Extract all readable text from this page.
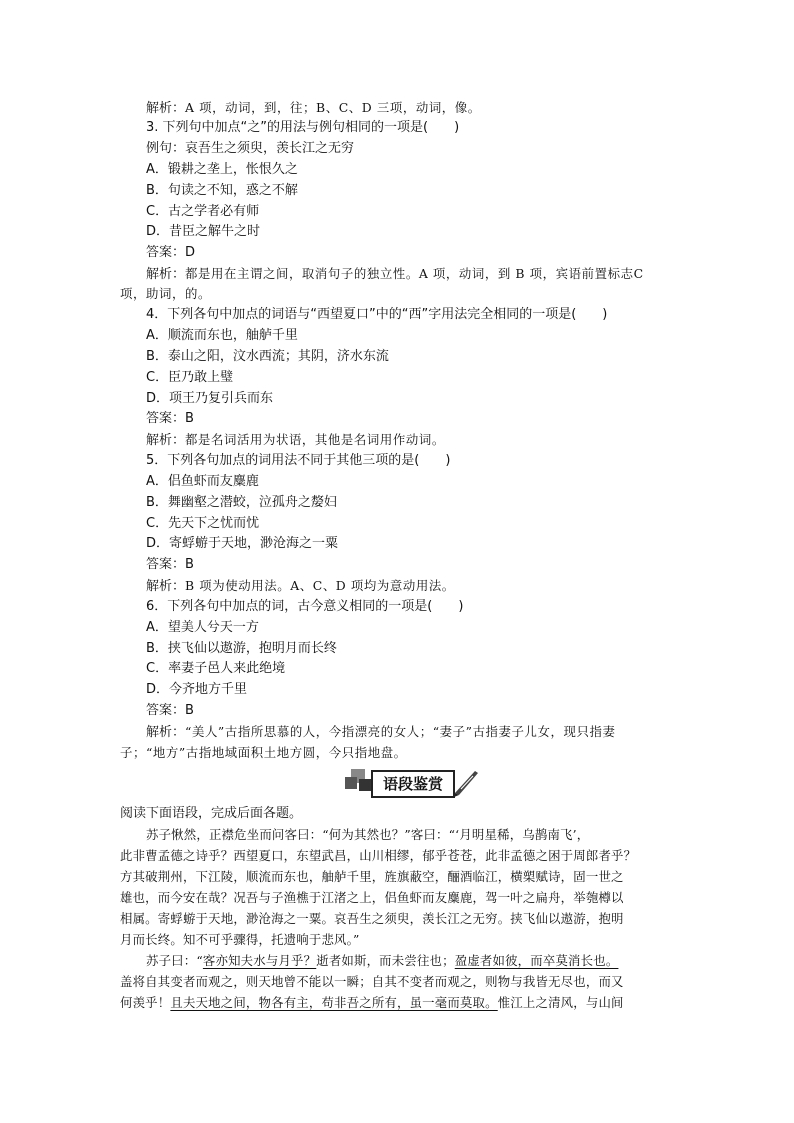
解析：A 项，动词，到，往；B、C、D 三项，动词，像。
3. 下列句中加点“之”的用法与例句相同的一项是(　　)
例句：哀吾生之须臾，羡长江之无穷
A．锻耕之垄上，怅恨久之
B．句读之不知，惑之不解
C．古之学者必有师
D．昔臣之解牛之时
答案：D
解析：都是用在主谓之间，取消句子的独立性。A 项，动词，到 B 项，宾语前置标志C
项，助词，的。
4．下列各句中加点的词语与“西望夏口”中的“西”字用法完全相同的一项是(　　)
A．顺流而东也，舳舻千里
B．泰山之阳，汶水西流；其阴，济水东流
C．臣乃敢上璧
D．项王乃复引兵而东
答案：B
解析：都是名词活用为状语，其他是名词用作动词。
5．下列各句加点的词用法不同于其他三项的是(　　)
A．侣鱼虾而友麋鹿
B．舞幽壑之潜蛟，泣孤舟之嫠妇
C．先天下之忧而忧
D．寄蜉蝣于天地，渺沧海之一粟
答案：B
解析：B 项为使动用法。A、C、D 项均为意动用法。
6．下列各句中加点的词，古今意义相同的一项是(　　)
A．望美人兮天一方
B．挟飞仙以遨游，抱明月而长终
C．率妻子邑人来此绝境
D．今齐地方千里
答案：B
解析：“美人”古指所思慕的人，今指漂亮的女人；“妻子”古指妻子儿女，现只指妻
子；“地方”古指地域面积土地方圆，今只指地盘。
语段鉴赏
阅读下面语段，完成后面各题。
苏子愀然，正襟危坐而问客曰：“何为其然也？”客曰：“‘月明星稀，乌鹊南飞’，
此非曹孟德之诗乎？西望夏口，东望武昌，山川相缪，郁乎苍苍，此非孟德之困于周郎者乎？
方其破荆州，下江陵，顺流而东也，舳舻千里，旌旗蔽空，酾酒临江，横槊赋诗，固一世之
雄也，而今安在哉？况吾与子渔樵于江渚之上，侣鱼虾而友麋鹿，驾一叶之扁舟，举匏樽以
相属。寄蜉蝣于天地，渺沧海之一粟。哀吾生之须臾，羡长江之无穷。挟飞仙以遨游，抱明
月而长终。知不可乎骤得，托遗响于悲风。”
苏子曰：“客亦知夫水与月乎？逝者如斯，而未尝往也；盈虚者如彼，而卒莫消长也。
盖将自其变者而观之，则天地曾不能以一瞬；自其不变者而观之，则物与我皆无尽也，而又
何羡乎！且夫天地之间，物各有主，苟非吾之所有，虽一毫而莫取。惟江上之清风，与山间
